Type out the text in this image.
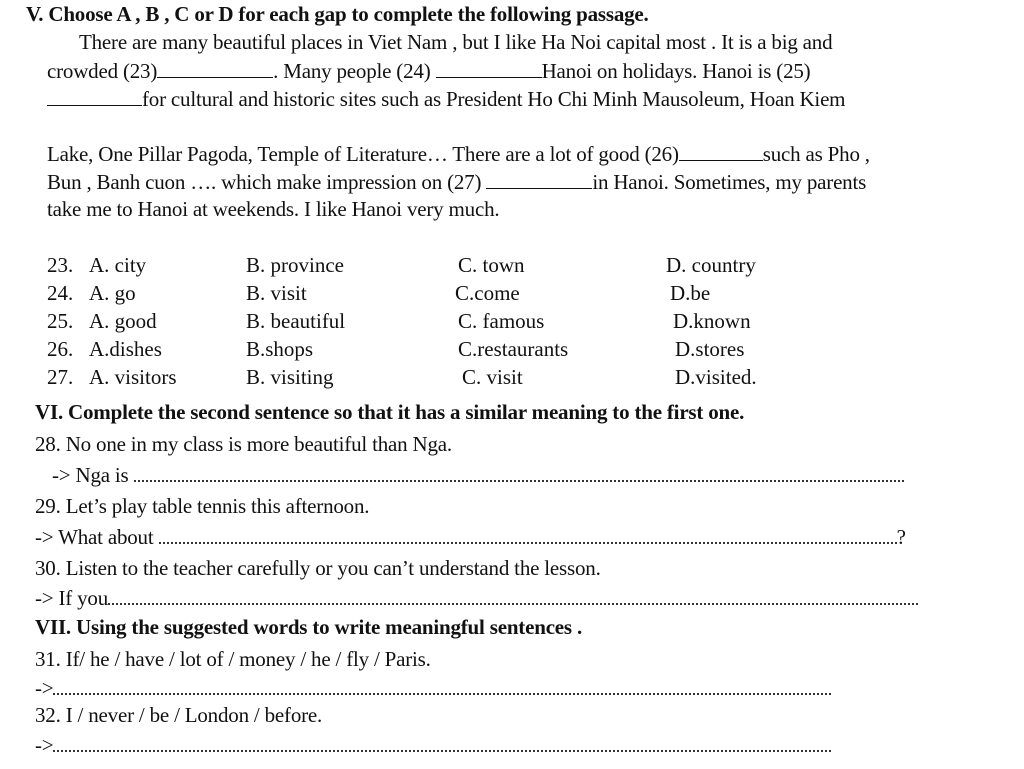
V. Choose A , B , C or D for each gap to complete the following passage.
There are many beautiful places in Viet Nam , but I like Ha Noi capital most . It is a big and
crowded (23)	. Many people (24)	Hanoi on holidays. Hanoi is (25)
for cultural and historic sites such as President Ho Chi Minh Mausoleum, Hoan Kiem
Lake, One Pillar Pagoda, Temple of Literature… There are a lot of good (26)	such as Pho ,
Bun , Banh cuon …. which make impression on (27)	in Hanoi. Sometimes, my parents
take me to Hanoi at weekends. I like Hanoi very much.
23. A. city	B. province	C. town	D. country
24. A. go	B. visit	C.come	D.be
25. A. good	B. beautiful	C. famous	D.known
26. A.dishes	B.shops	C.restaurants	D.stores
27. A. visitors	B. visiting	C. visit	D.visited.
VI. Complete the second sentence so that it has a similar meaning to the first one.
28. No one in my class is more beautiful than Nga.
-> Nga is
29. Let’s play table tennis this afternoon.
-> What about	?
30. Listen to the teacher carefully or you can’t understand the lesson.
-> If you
VII. Using the suggested words to write meaningful sentences .
31. If/ he / have / lot of / money / he / fly / Paris.
->
32. I / never / be / London / before.
->
